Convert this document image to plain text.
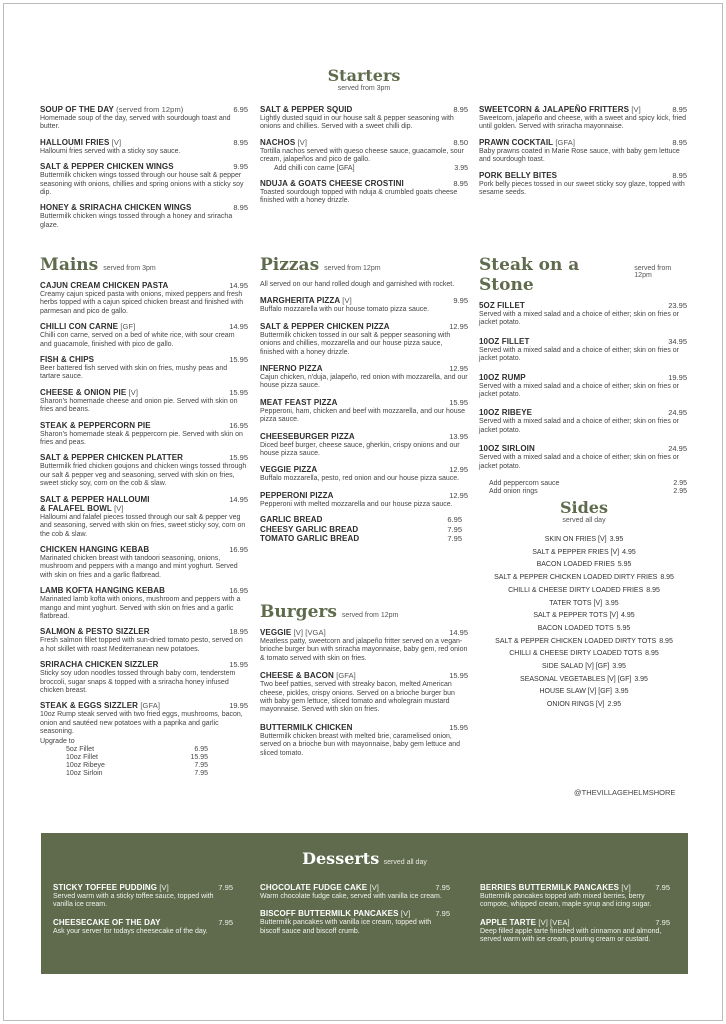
Starters
served from 3pm
SOUP OF THE DAY (served from 12pm)	6.95
Homemade soup of the day, served with sourdough toast and butter.
HALLOUMI FRIES [V]	8.95
Halloumi fries served with a sticky soy sauce.
SALT & PEPPER CHICKEN WINGS	9.95
Buttermilk chicken wings tossed through our house salt & pepper seasoning with onions, chillies and spring onions with a sticky soy dip.
HONEY & SRIRACHA CHICKEN WINGS	8.95
Buttermilk chicken wings tossed through a honey and sriracha glaze.
SALT & PEPPER SQUID	8.95
Lightly dusted squid in our house salt & pepper seasoning with onions and chillies. Served with a sweet chilli dip.
NACHOS [V]	8.50
Tortilla nachos served with queso cheese sauce, guacamole, sour cream, jalapeños and pico de gallo.
Add chilli con carne [GFA]	3.95
NDUJA & GOATS CHEESE CROSTINI	8.95
Toasted sourdough topped with nduja & crumbled goats cheese finished with a honey drizzle.
SWEETCORN & JALAPEÑO FRITTERS [V]	8.95
Sweetcorn, jalapeño and cheese, with a sweet and spicy kick, fried until golden. Served with sriracha mayonnaise.
PRAWN COCKTAIL [GFA]	8.95
Baby prawns coated in Marie Rose sauce, with baby gem lettuce and sourdough toast.
PORK BELLY BITES	8.95
Pork belly pieces tossed in our sweet sticky soy glaze, topped with sesame seeds.
Mains served from 3pm
CAJUN CREAM CHICKEN PASTA	14.95
Creamy cajun spiced pasta with onions, mixed peppers and fresh herbs topped with a cajun spiced chicken breast and finished with parmesan and pico de gallo.
CHILLI CON CARNE [GF]	14.95
Chilli con carne, served on a bed of white rice, with sour cream and guacamole, finished with pico de gallo.
FISH & CHIPS	15.95
Beer battered fish served with skin on fries, mushy peas and tartare sauce.
CHEESE & ONION PIE [V]	15.95
Sharon's homemade cheese and onion pie. Served with skin on fries and beans.
STEAK & PEPPERCORN PIE	16.95
Sharon's homemade steak & peppercorn pie. Served with skin on fries and peas.
SALT & PEPPER CHICKEN PLATTER	15.95
Buttermilk fried chicken goujons and chicken wings tossed through our salt & pepper veg and seasoning, served with skin on fries, sweet sticky soy, corn on the cob & slaw.
SALT & PEPPER HALLOUMI	14.95
& FALAFEL BOWL [V]
Halloumi and falafel pieces tossed through our salt & pepper veg and seasoning, served with skin on fries, sweet sticky soy, corn on the cob & slaw.
CHICKEN HANGING KEBAB	16.95
Marinated chicken breast with tandoori seasoning, onions, mushroom and peppers with a mango and mint yoghurt. Served with skin on fries and a garlic flatbread.
LAMB KOFTA HANGING KEBAB	16.95
Marinated lamb kofta with onions, mushroom and peppers with a mango and mint yoghurt. Served with skin on fries and a garlic flatbread.
SALMON & PESTO SIZZLER	18.95
Fresh salmon fillet topped with sun-dried tomato pesto, served on a hot skillet with roast Mediterranean new potatoes.
SRIRACHA CHICKEN SIZZLER	15.95
Sticky soy udon noodles tossed through baby corn, tenderstem broccoli, sugar snaps & topped with a sriracha honey infused chicken breast.
STEAK & EGGS SIZZLER [GFA]	19.95
10oz Rump steak served with two fried eggs, mushrooms, bacon, onion and sautéed new potatoes with a paprika and garlic seasoning.
Upgrade to
5oz Fillet	6.95
10oz Fillet	15.95
10oz Ribeye	7.95
10oz Sirloin	7.95
Pizzas served from 12pm
All served on our hand rolled dough and garnished with rocket.
MARGHERITA PIZZA [V]	9.95
Buffalo mozzarella with our house tomato pizza sauce.
SALT & PEPPER CHICKEN PIZZA	12.95
Buttermilk chicken tossed in our salt & pepper seasoning with onions and chillies, mozzarella and our house pizza sauce, finished with a honey drizzle.
INFERNO PIZZA	12.95
Cajun chicken, n'duja, jalapeño, red onion with mozzarella, and our house pizza sauce.
MEAT FEAST PIZZA	15.95
Pepperoni, ham, chicken and beef with mozzarella, and our house pizza sauce.
CHEESEBURGER PIZZA	13.95
Diced beef burger, cheese sauce, gherkin, crispy onions and our house pizza sauce.
VEGGIE PIZZA	12.95
Buffalo mozzarella, pesto, red onion and our house pizza sauce.
PEPPERONI PIZZA	12.95
Pepperoni with melted mozzarella and our house pizza sauce.
GARLIC BREAD	6.95
CHEESY GARLIC BREAD	7.95
TOMATO GARLIC BREAD	7.95
Burgers served from 12pm
VEGGIE [V] [VGA]	14.95
Meatless patty, sweetcorn and jalapeño fritter served on a vegan-brioche burger bun with sriracha mayonnaise, baby gem, red onion & tomato served with skin on fries.
CHEESE & BACON [GFA]	15.95
Two beef patties, served with streaky bacon, melted American cheese, pickles, crispy onions. Served on a brioche burger bun with baby gem lettuce, sliced tomato and wholegrain mustard mayonnaise. Served with skin on fries.
BUTTERMILK CHICKEN	15.95
Buttermilk chicken breast with melted brie, caramelised onion, served on a brioche bun with mayonnaise, baby gem lettuce and sliced tomato.
Steak on a Stone
served from 12pm
5OZ FILLET	23.95
Served with a mixed salad and a choice of either; skin on fries or jacket potato.
10OZ FILLET	34.95
Served with a mixed salad and a choice of either; skin on fries or jacket potato.
10OZ RUMP	19.95
Served with a mixed salad and a choice of either; skin on fries or jacket potato.
10OZ RIBEYE	24.95
Served with a mixed salad and a choice of either; skin on fries or jacket potato.
10OZ SIRLOIN	24.95
Served with a mixed salad and a choice of either; skin on fries or jacket potato.
Add peppercorn sauce	2.95
Add onion rings	2.95
Sides
served all day
SKIN ON FRIES [V] 3.95
SALT & PEPPER FRIES [V] 4.95
BACON LOADED FRIES 5.95
SALT & PEPPER CHICKEN LOADED DIRTY FRIES 8.95
CHILLI & CHEESE DIRTY LOADED FRIES 8.95
TATER TOTS [V] 3.95
SALT & PEPPER TOTS [V] 4.95
BACON LOADED TOTS 5.95
SALT & PEPPER CHICKEN LOADED DIRTY TOTS 8.95
CHILLI & CHEESE DIRTY LOADED TOTS 8.95
SIDE SALAD [V] [GF] 3.95
SEASONAL VEGETABLES [V] [GF] 3.95
HOUSE SLAW [V] [GF] 3.95
ONION RINGS [V] 2.95
@THEVILLAGEHELMSHORE
Desserts served all day
STICKY TOFFEE PUDDING [V]	7.95
Served warm with a sticky toffee sauce, topped with vanilla ice cream.
CHEESECAKE OF THE DAY	7.95
Ask your server for todays cheesecake of the day.
CHOCOLATE FUDGE CAKE [V]	7.95
Warm chocolate fudge cake, served with vanilla ice cream.
BISCOFF BUTTERMILK PANCAKES [V]	7.95
Buttermilk pancakes with vanilla ice cream, topped with biscoff sauce and biscoff crumb.
BERRIES BUTTERMILK PANCAKES [V]	7.95
Buttermilk pancakes topped with mixed berries, berry compote, whipped cream, maple syrup and icing sugar.
APPLE TARTE [V] [VEA]	7.95
Deep filled apple tarte finished with cinnamon and almond, served warm with ice cream, pouring cream or custard.
